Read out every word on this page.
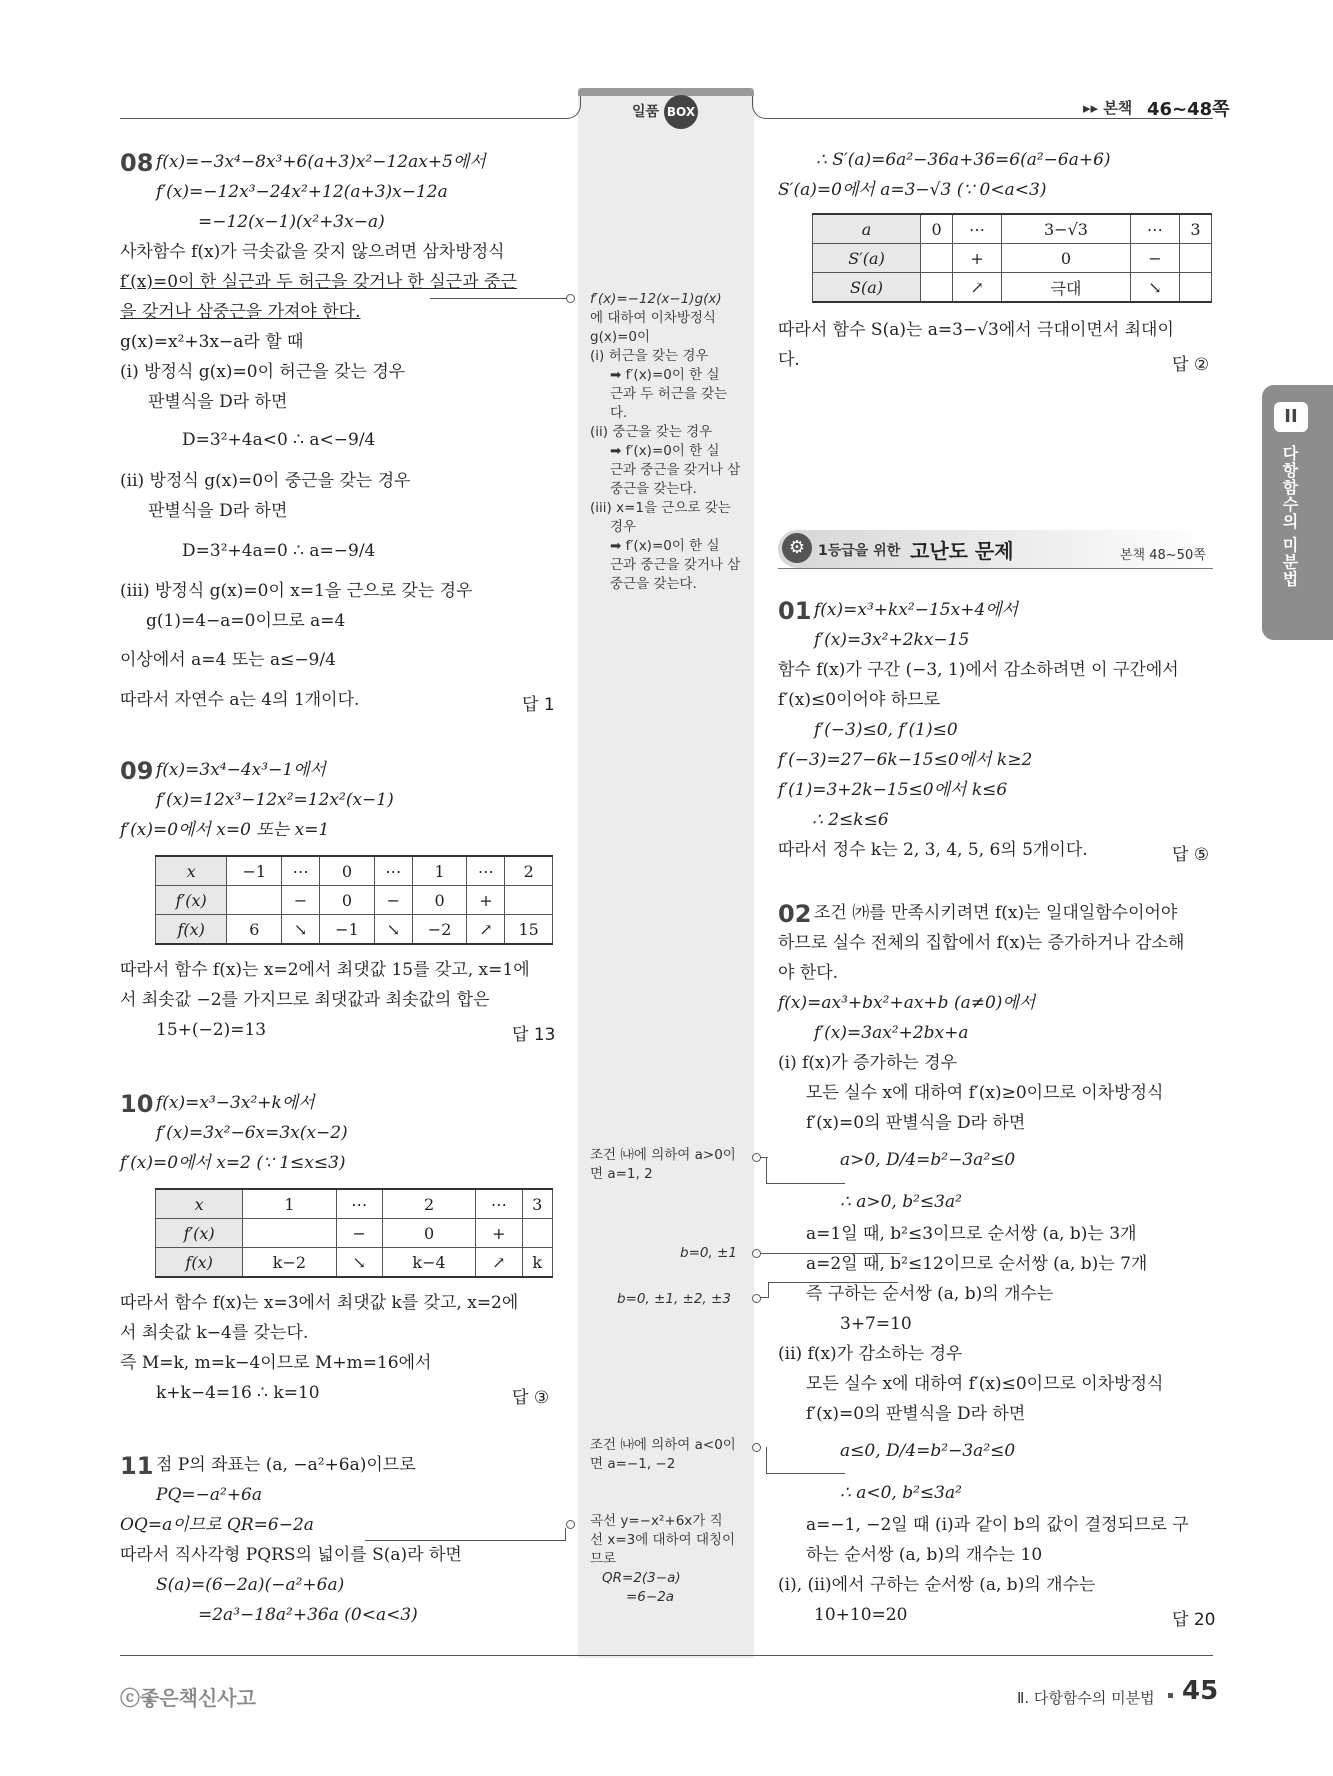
일품 BOX	▸▸ 본책 46∼48쪽
II
다항함수의 미분법
08 f(x)=−3x⁴−8x³+6(a+3)x²−12ax+5에서
f′(x)=−12x³−24x²+12(a+3)x−12a
=−12(x−1)(x²+3x−a)
사차함수 f(x)가 극솟값을 갖지 않으려면 삼차방정식
f′(x)=0이 한 실근과 두 허근을 갖거나 한 실근과 중근
을 갖거나 삼중근을 가져야 한다.
g(x)=x²+3x−a라 할 때
(i) 방정식 g(x)=0이 허근을 갖는 경우
판별식을 D라 하면
D=3²+4a<0 ∴ a<−9/4
(ii) 방정식 g(x)=0이 중근을 갖는 경우
판별식을 D라 하면
D=3²+4a=0 ∴ a=−9/4
(iii) 방정식 g(x)=0이 x=1을 근으로 갖는 경우
g(1)=4−a=0이므로 a=4
이상에서 a=4 또는 a≤−9/4
따라서 자연수 a는 4의 1개이다.	답 1
09 f(x)=3x⁴−4x³−1에서
f′(x)=12x³−12x²=12x²(x−1)
f′(x)=0에서 x=0 또는 x=1
x	−1	⋯	0	⋯	1	⋯	2
f′(x)		−	0	−	0	+	
f(x)	6	↘	−1	↘	−2	↗	15
따라서 함수 f(x)는 x=2에서 최댓값 15를 갖고, x=1에
서 최솟값 −2를 가지므로 최댓값과 최솟값의 합은
15+(−2)=13	답 13
10 f(x)=x³−3x²+k에서
f′(x)=3x²−6x=3x(x−2)
f′(x)=0에서 x=2 (∵ 1≤x≤3)
x	1	⋯	2	⋯	3
f′(x)		−	0	+	
f(x)	k−2	↘	k−4	↗	k
따라서 함수 f(x)는 x=3에서 최댓값 k를 갖고, x=2에
서 최솟값 k−4를 갖는다.
즉 M=k, m=k−4이므로 M+m=16에서
k+k−4=16 ∴ k=10	답 ③
11 점 P의 좌표는 (a, −a²+6a)이므로
PQ=−a²+6a
OQ=a이므로 QR=6−2a
따라서 직사각형 PQRS의 넓이를 S(a)라 하면
S(a)=(6−2a)(−a²+6a)
=2a³−18a²+36a (0<a<3)
f′(x)=−12(x−1)g(x)
에 대하여 이차방정식
g(x)=0이
(i) 허근을 갖는 경우
➡ f′(x)=0이 한 실
근과 두 허근을 갖는
다.
(ii) 중근을 갖는 경우
➡ f′(x)=0이 한 실
근과 중근을 갖거나 삼
중근을 갖는다.
(iii) x=1을 근으로 갖는
경우
➡ f′(x)=0이 한 실
근과 중근을 갖거나 삼
중근을 갖는다.
조건 ㈏에 의하여 a>0이
면 a=1, 2
b=0, ±1
b=0, ±1, ±2, ±3
조건 ㈏에 의하여 a<0이
면 a=−1, −2
곡선 y=−x²+6x가 직
선 x=3에 대하여 대칭이
므로
QR=2(3−a)
=6−2a
∴ S′(a)=6a²−36a+36=6(a²−6a+6)
S′(a)=0에서 a=3−√3 (∵ 0<a<3)
a	0	⋯	3−√3	⋯	3
S′(a)		+	0	−	
S(a)		↗	극대	↘	
따라서 함수 S(a)는 a=3−√3에서 극대이면서 최대이
다.	답 ②
⚙ 1등급을 위한 고난도 문제	본책 48∼50쪽
01 f(x)=x³+kx²−15x+4에서
f′(x)=3x²+2kx−15
함수 f(x)가 구간 (−3, 1)에서 감소하려면 이 구간에서
f′(x)≤0이어야 하므로
f′(−3)≤0, f′(1)≤0
f′(−3)=27−6k−15≤0에서 k≥2
f′(1)=3+2k−15≤0에서 k≤6
∴ 2≤k≤6
따라서 정수 k는 2, 3, 4, 5, 6의 5개이다.	답 ⑤
02 조건 ㈎를 만족시키려면 f(x)는 일대일함수이어야
하므로 실수 전체의 집합에서 f(x)는 증가하거나 감소해
야 한다.
f(x)=ax³+bx²+ax+b (a≠0)에서
f′(x)=3ax²+2bx+a
(i) f(x)가 증가하는 경우
모든 실수 x에 대하여 f′(x)≥0이므로 이차방정식
f′(x)=0의 판별식을 D라 하면
a>0, D/4=b²−3a²≤0
∴ a>0, b²≤3a²
a=1일 때, b²≤3이므로 순서쌍 (a, b)는 3개
a=2일 때, b²≤12이므로 순서쌍 (a, b)는 7개
즉 구하는 순서쌍 (a, b)의 개수는
3+7=10
(ii) f(x)가 감소하는 경우
모든 실수 x에 대하여 f′(x)≤0이므로 이차방정식
f′(x)=0의 판별식을 D라 하면
a≤0, D/4=b²−3a²≤0
∴ a<0, b²≤3a²
a=−1, −2일 때 (i)과 같이 b의 값이 결정되므로 구
하는 순서쌍 (a, b)의 개수는 10
(i), (ii)에서 구하는 순서쌍 (a, b)의 개수는
10+10=20	답 20
ⓒ좋은책신사고	Ⅱ. 다항함수의 미분법 45
